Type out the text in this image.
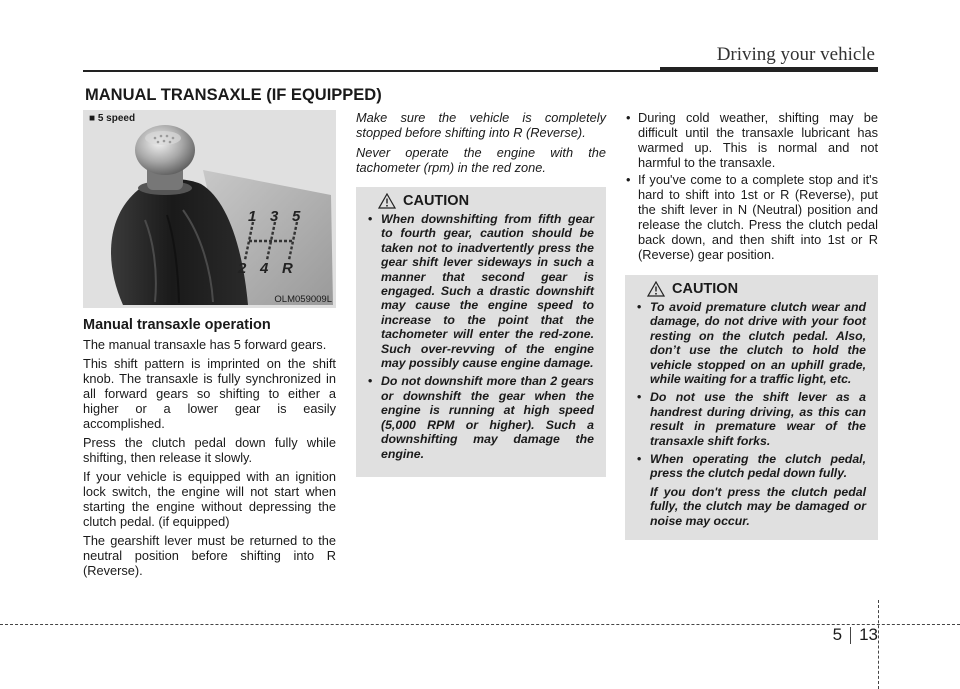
Driving your vehicle
MANUAL TRANSAXLE (IF EQUIPPED)
1 3 5
2 4 R
■ 5 speed
OLM059009L
Manual transaxle operation

The manual transaxle has 5 forward gears.

This shift pattern is imprinted on the shift knob. The transaxle is fully synchronized in all forward gears so shifting to either a higher or a lower gear is easily accomplished.

Press the clutch pedal down fully while shifting, then release it slowly.

If your vehicle is equipped with an ignition lock switch, the engine will not start when starting the engine without depressing the clutch pedal. (if equipped)

The gearshift lever must be returned to the neutral position before shifting into R (Reverse).

Make sure the vehicle is completely stopped before shifting into R (Reverse).

Never operate the engine with the tachometer (rpm) in the red zone.

CAUTION
• When downshifting from fifth gear to fourth gear, caution should be taken not to inadvertently press the gear shift lever sideways in such a manner that second gear is engaged. Such a drastic downshift may cause the engine speed to increase to the point that the tachometer will enter the red-zone. Such over-revving of the engine may possibly cause engine damage.
• Do not downshift more than 2 gears or downshift the gear when the engine is running at high speed (5,000 RPM or higher). Such a downshifting may damage the engine.
• During cold weather, shifting may be difficult until the transaxle lubricant has warmed up. This is normal and not harmful to the transaxle.
• If you've come to a complete stop and it's hard to shift into 1st or R (Reverse), put the shift lever in N (Neutral) position and release the clutch. Press the clutch pedal back down, and then shift into 1st or R (Reverse) gear position.
CAUTION
• To avoid premature clutch wear and damage, do not drive with your foot resting on the clutch pedal. Also, don’t use the clutch to hold the vehicle stopped on an uphill grade, while waiting for a traffic light, etc.
• Do not use the shift lever as a handrest during driving, as this can result in premature wear of the transaxle shift forks.
• When operating the clutch pedal, press the clutch pedal down fully.

If you don't press the clutch pedal fully, the clutch may be damaged or noise may occur.

5 13
